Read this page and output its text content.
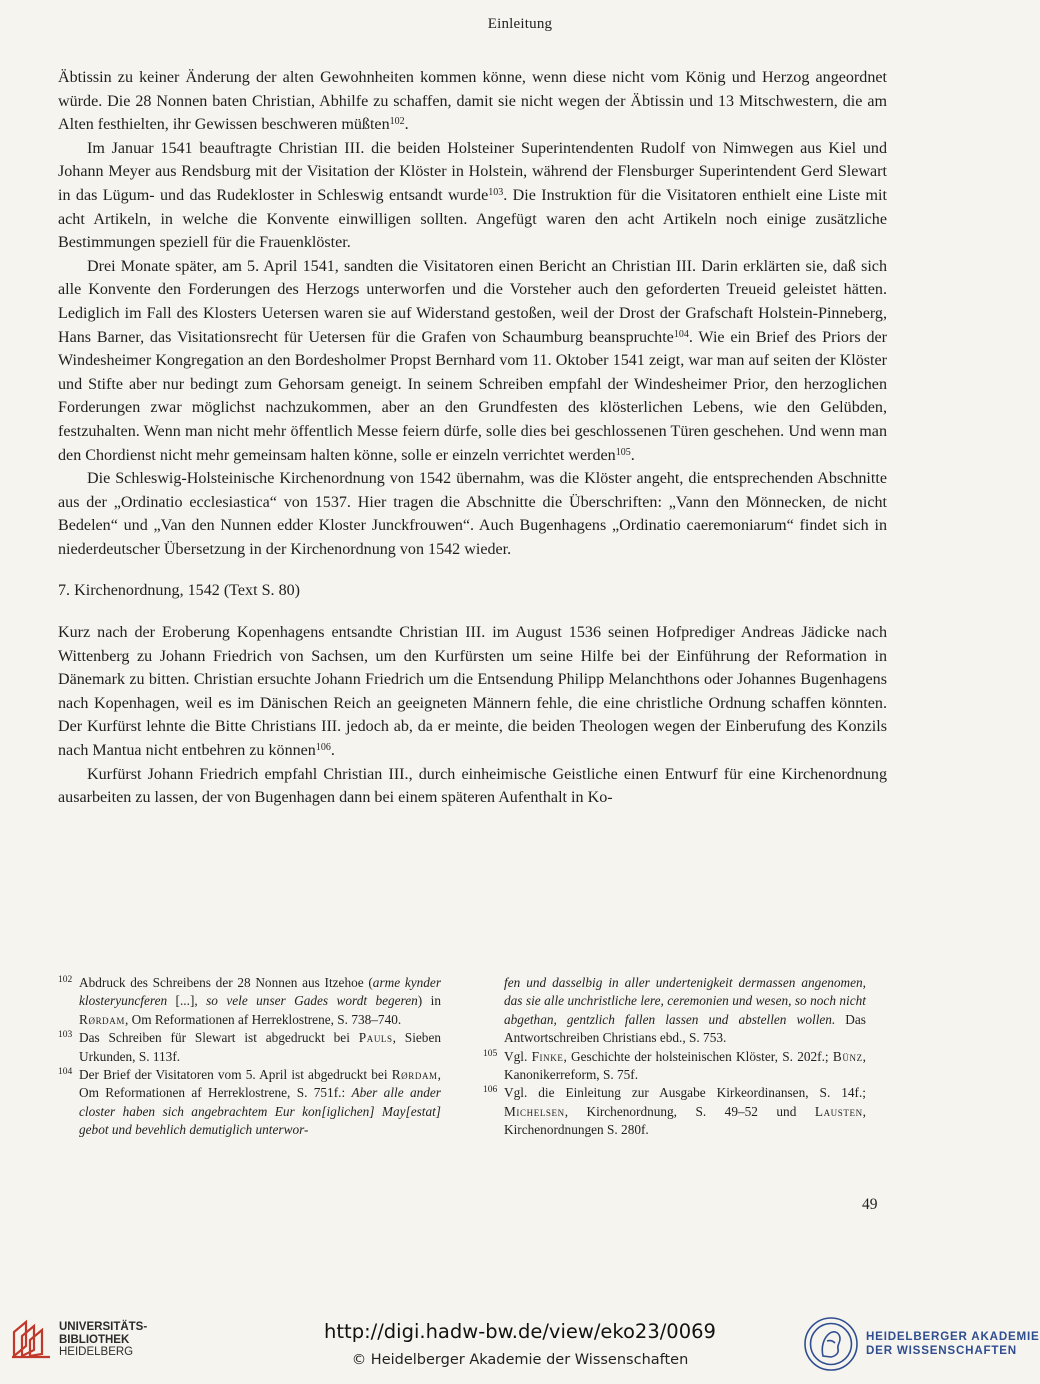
Einleitung

Äbtissin zu keiner Änderung der alten Gewohnheiten kommen könne, wenn diese nicht vom König und Herzog angeordnet würde. Die 28 Nonnen baten Christian, Abhilfe zu schaffen, damit sie nicht wegen der Äbtissin und 13 Mitschwestern, die am Alten festhielten, ihr Gewissen beschweren müßten$^{102}$.

Im Januar 1541 beauftragte Christian III. die beiden Holsteiner Superintendenten Rudolf von Nimwegen aus Kiel und Johann Meyer aus Rendsburg mit der Visitation der Klöster in Holstein, während der Flensburger Superintendent Gerd Slewart in das Lügum- und das Rudekloster in Schleswig entsandt wurde$^{103}$. Die Instruktion für die Visitatoren enthielt eine Liste mit acht Artikeln, in welche die Konvente einwilligen sollten. Angefügt waren den acht Artikeln noch einige zusätzliche Bestimmungen speziell für die Frauenklöster.

Drei Monate später, am 5. April 1541, sandten die Visitatoren einen Bericht an Christian III. Darin erklärten sie, daß sich alle Konvente den Forderungen des Herzogs unterworfen und die Vorsteher auch den geforderten Treueid geleistet hätten. Lediglich im Fall des Klosters Uetersen waren sie auf Widerstand gestoßen, weil der Drost der Grafschaft Holstein-Pinneberg, Hans Barner, das Visitationsrecht für Uetersen für die Grafen von Schaumburg beanspruchte$^{104}$. Wie ein Brief des Priors der Windesheimer Kongregation an den Bordesholmer Propst Bernhard vom 11. Oktober 1541 zeigt, war man auf seiten der Klöster und Stifte aber nur bedingt zum Gehorsam geneigt. In seinem Schreiben empfahl der Windesheimer Prior, den herzoglichen Forderungen zwar möglichst nachzukommen, aber an den Grundfesten des klösterlichen Lebens, wie den Gelübden, festzuhalten. Wenn man nicht mehr öffentlich Messe feiern dürfe, solle dies bei geschlossenen Türen geschehen. Und wenn man den Chordienst nicht mehr gemeinsam halten könne, solle er einzeln verrichtet werden$^{105}$.

Die Schleswig-Holsteinische Kirchenordnung von 1542 übernahm, was die Klöster angeht, die entsprechenden Abschnitte aus der „Ordinatio ecclesiastica“ von 1537. Hier tragen die Abschnitte die Überschriften: „Vann den Mönnecken, de nicht Bedelen“ und „Van den Nunnen edder Kloster Junckfrouwen“. Auch Bugenhagens „Ordinatio caeremoniarum“ findet sich in niederdeutscher Übersetzung in der Kirchenordnung von 1542 wieder.

7. Kirchenordnung, 1542 (Text S. 80)

Kurz nach der Eroberung Kopenhagens entsandte Christian III. im August 1536 seinen Hofprediger Andreas Jädicke nach Wittenberg zu Johann Friedrich von Sachsen, um den Kurfürsten um seine Hilfe bei der Einführung der Reformation in Dänemark zu bitten. Christian ersuchte Johann Friedrich um die Entsendung Philipp Melanchthons oder Johannes Bugenhagens nach Kopenhagen, weil es im Dänischen Reich an geeigneten Männern fehle, die eine christliche Ordnung schaffen könnten. Der Kurfürst lehnte die Bitte Christians III. jedoch ab, da er meinte, die beiden Theologen wegen der Einberufung des Konzils nach Mantua nicht entbehren zu können$^{106}$.

Kurfürst Johann Friedrich empfahl Christian III., durch einheimische Geistliche einen Entwurf für eine Kirchenordnung ausarbeiten zu lassen, der von Bugenhagen dann bei einem späteren Aufenthalt in Ko-

102 Abdruck des Schreibens der 28 Nonnen aus Itzehoe (arme kynder klosteryuncferen [...], so vele unser Gades wordt begeren) in Rørdam, Om Reformationen af Herreklostrene, S. 738–740.
103 Das Schreiben für Slewart ist abgedruckt bei Pauls, Sieben Urkunden, S. 113f.
104 Der Brief der Visitatoren vom 5. April ist abgedruckt bei Rørdam, Om Reformationen af Herreklostrene, S. 751f.: Aber alle ander closter haben sich angebrachtem Eur kon[iglichen] May[estat] gebot und bevehlich demutiglich unterwor-
fen und dasselbig in aller undertenigkeit dermassen angenomen, das sie alle unchristliche lere, ceremonien und wesen, so noch nicht abgethan, gentzlich fallen lassen und abstellen wollen. Das Antwortschreiben Christians ebd., S. 753.
105 Vgl. Finke, Geschichte der holsteinischen Klöster, S. 202f.; Bünz, Kanonikerreform, S. 75f.
106 Vgl. die Einleitung zur Ausgabe Kirkeordinansen, S. 14f.; Michelsen, Kirchenordnung, S. 49–52 und Lausten, Kirchenordnungen S. 280f.
49
UNIVERSITÄTS-
BIBLIOTHEK
HEIDELBERG
http://digi.hadw-bw.de/view/eko23/0069
© Heidelberger Akademie der Wissenschaften
HEIDELBERGER AKADEMIE
DER WISSENSCHAFTEN
